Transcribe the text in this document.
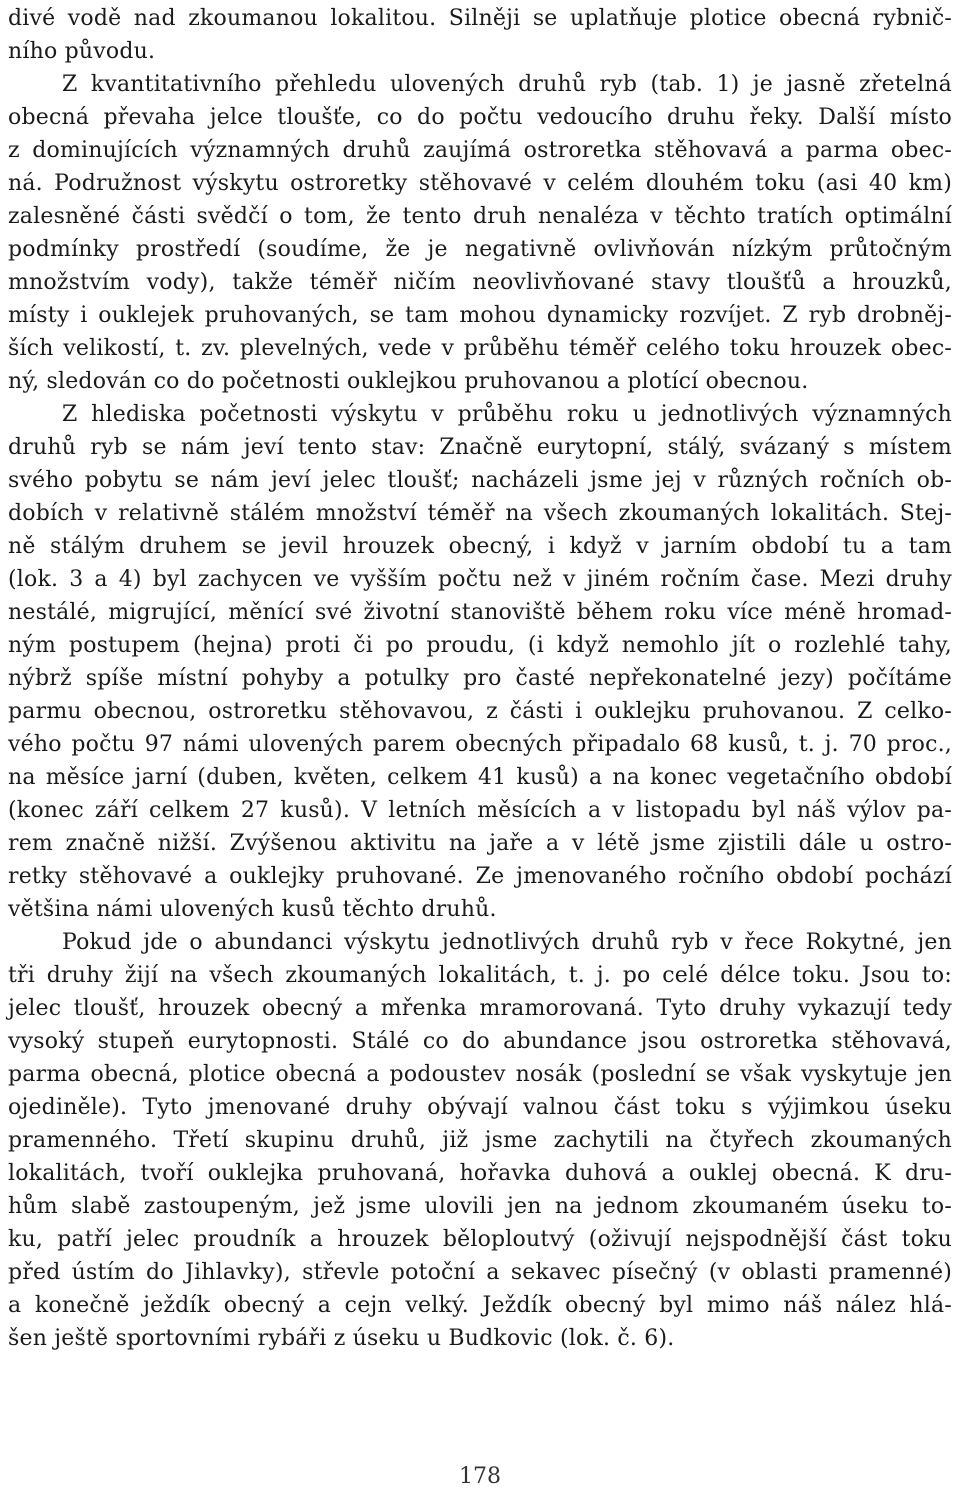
divé vodě nad zkoumanou lokalitou. Silněji se uplatňuje plotice obecná rybnič-
ního původu.
Z kvantitativního přehledu ulovených druhů ryb (tab. 1) je jasně zřetelná
obecná převaha jelce tloušťe, co do počtu vedoucího druhu řeky. Další místo
z dominujících významných druhů zaujímá ostroretka stěhovavá a parma obec-
ná. Podružnost výskytu ostroretky stěhovavé v celém dlouhém toku (asi 40 km)
zalesněné části svědčí o tom, že tento druh nenaléza v těchto tratích optimální
podmínky prostředí (soudíme, že je negativně ovlivňován nízkým průtočným
množstvím vody), takže téměř ničím neovlivňované stavy tloušťů a hrouzků,
místy i ouklejek pruhovaných, se tam mohou dynamicky rozvíjet. Z ryb drobněj-
ších velikostí, t. zv. plevelných, vede v průběhu téměř celého toku hrouzek obec-
ný, sledován co do početnosti ouklejkou pruhovanou a plotící obecnou.
Z hlediska početnosti výskytu v průběhu roku u jednotlivých významných
druhů ryb se nám jeví tento stav: Značně eurytopní, stálý, svázaný s místem
svého pobytu se nám jeví jelec tloušť; nacházeli jsme jej v různých ročních ob-
dobích v relativně stálém množství téměř na všech zkoumaných lokalitách. Stej-
ně stálým druhem se jevil hrouzek obecný, i když v jarním období tu a tam
(lok. 3 a 4) byl zachycen ve vyšším počtu než v jiném ročním čase. Mezi druhy
nestálé, migrující, měnící své životní stanoviště během roku více méně hromad-
ným postupem (hejna) proti či po proudu, (i když nemohlo jít o rozlehlé tahy,
nýbrž spíše místní pohyby a potulky pro časté nepřekonatelné jezy) počítáme
parmu obecnou, ostroretku stěhovavou, z části i ouklejku pruhovanou. Z celko-
vého počtu 97 námi ulovených parem obecných připadalo 68 kusů, t. j. 70 proc.,
na měsíce jarní (duben, květen, celkem 41 kusů) a na konec vegetačního období
(konec září celkem 27 kusů). V letních měsících a v listopadu byl náš výlov pa-
rem značně nižší. Zvýšenou aktivitu na jaře a v létě jsme zjistili dále u ostro-
retky stěhovavé a ouklejky pruhované. Ze jmenovaného ročního období pochází
většina námi ulovených kusů těchto druhů.
Pokud jde o abundanci výskytu jednotlivých druhů ryb v řece Rokytné, jen
tři druhy žijí na všech zkoumaných lokalitách, t. j. po celé délce toku. Jsou to:
jelec tloušť, hrouzek obecný a mřenka mramorovaná. Tyto druhy vykazují tedy
vysoký stupeň eurytopnosti. Stálé co do abundance jsou ostroretka stěhovavá,
parma obecná, plotice obecná a podoustev nosák (poslední se však vyskytuje jen
ojediněle). Tyto jmenované druhy obývají valnou část toku s výjimkou úseku
pramenného. Třetí skupinu druhů, již jsme zachytili na čtyřech zkoumaných
lokalitách, tvoří ouklejka pruhovaná, hořavka duhová a ouklej obecná. K dru-
hům slabě zastoupeným, jež jsme ulovili jen na jednom zkoumaném úseku to-
ku, patří jelec proudník a hrouzek běloploutvý (oživují nejspodnější část toku
před ústím do Jihlavky), střevle potoční a sekavec písečný (v oblasti pramenné)
a konečně ježdík obecný a cejn velký. Ježdík obecný byl mimo náš nález hlá-
šen ještě sportovními rybáři z úseku u Budkovic (lok. č. 6).
178
